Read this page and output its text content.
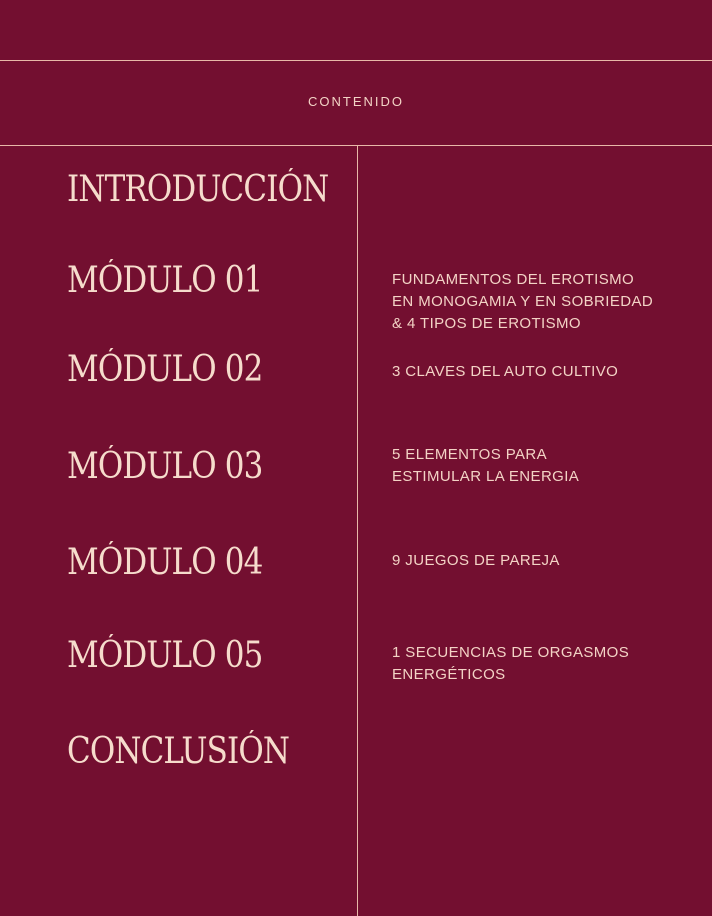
CONTENIDO
INTRODUCCIÓN
MÓDULO 01	FUNDAMENTOS DEL EROTISMO
EN MONOGAMIA Y EN SOBRIEDAD
& 4 TIPOS DE EROTISMO
MÓDULO 02	3 CLAVES DEL AUTO CULTIVO
MÓDULO 03	5 ELEMENTOS PARA
ESTIMULAR LA ENERGIA
MÓDULO 04	9 JUEGOS DE PAREJA
MÓDULO 05	1 SECUENCIAS DE ORGASMOS
ENERGÉTICOS
CONCLUSIÓN
